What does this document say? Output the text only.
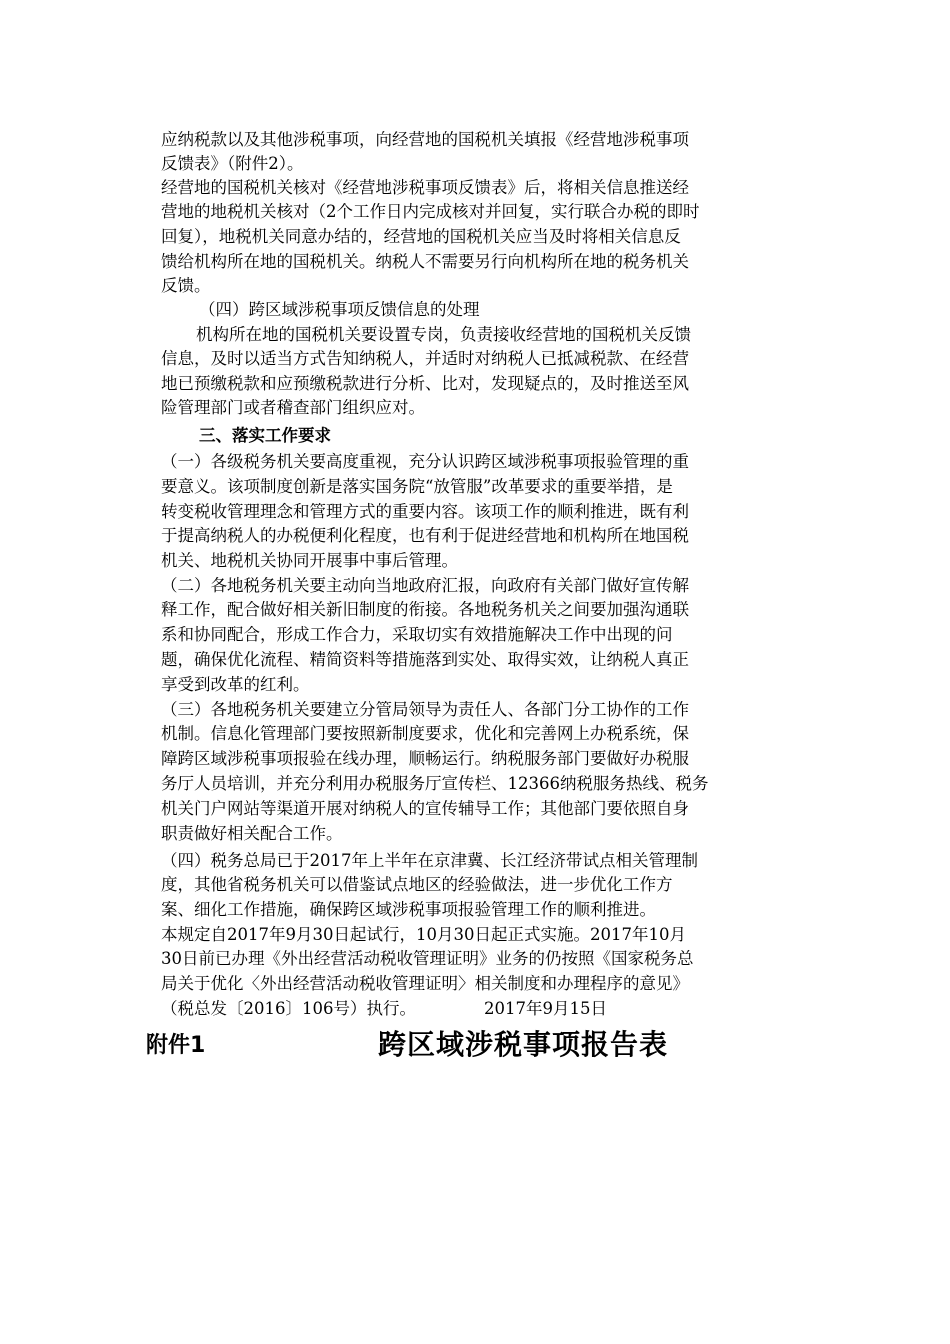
应纳税款以及其他涉税事项，向经营地的国税机关填报《经营地涉税事项
反馈表》（附件2）。
经营地的国税机关核对《经营地涉税事项反馈表》后，将相关信息推送经
营地的地税机关核对（2个工作日内完成核对并回复，实行联合办税的即时
回复），地税机关同意办结的，经营地的国税机关应当及时将相关信息反
馈给机构所在地的国税机关。纳税人不需要另行向机构所在地的税务机关
反馈。
（四）跨区域涉税事项反馈信息的处理
机构所在地的国税机关要设置专岗，负责接收经营地的国税机关反馈
信息，及时以适当方式告知纳税人，并适时对纳税人已抵减税款、在经营
地已预缴税款和应预缴税款进行分析、比对，发现疑点的，及时推送至风
险管理部门或者稽查部门组织应对。
三、落实工作要求
（一）各级税务机关要高度重视，充分认识跨区域涉税事项报验管理的重
要意义。该项制度创新是落实国务院“放管服”改革要求的重要举措，是
转变税收管理理念和管理方式的重要内容。该项工作的顺利推进，既有利
于提高纳税人的办税便利化程度，也有利于促进经营地和机构所在地国税
机关、地税机关协同开展事中事后管理。
（二）各地税务机关要主动向当地政府汇报，向政府有关部门做好宣传解
释工作，配合做好相关新旧制度的衔接。各地税务机关之间要加强沟通联
系和协同配合，形成工作合力，采取切实有效措施解决工作中出现的问
题，确保优化流程、精简资料等措施落到实处、取得实效，让纳税人真正
享受到改革的红利。
（三）各地税务机关要建立分管局领导为责任人、各部门分工协作的工作
机制。信息化管理部门要按照新制度要求，优化和完善网上办税系统，保
障跨区域涉税事项报验在线办理，顺畅运行。纳税服务部门要做好办税服
务厅人员培训，并充分利用办税服务厅宣传栏、12366纳税服务热线、税务
机关门户网站等渠道开展对纳税人的宣传辅导工作；其他部门要依照自身
职责做好相关配合工作。
（四）税务总局已于2017年上半年在京津冀、长江经济带试点相关管理制
度，其他省税务机关可以借鉴试点地区的经验做法，进一步优化工作方
案、细化工作措施，确保跨区域涉税事项报验管理工作的顺利推进。
本规定自2017年9月30日起试行，10月30日起正式实施。2017年10月
30日前已办理《外出经营活动税收管理证明》业务的仍按照《国家税务总
局关于优化〈外出经营活动税收管理证明〉相关制度和办理程序的意见》
（税总发〔2016〕106号）执行。	2017年9月15日
附件1	跨区域涉税事项报告表
